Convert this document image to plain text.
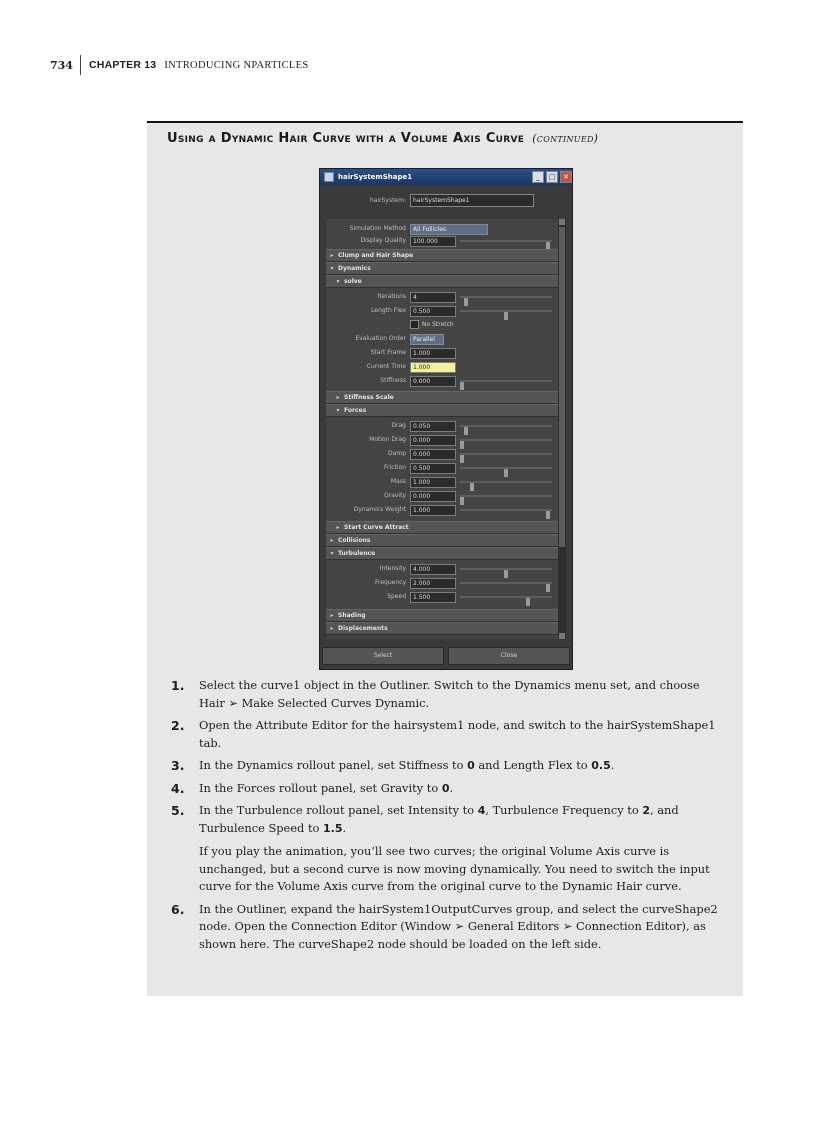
734 CHAPTER 13 INTRODUCING NPARTICLES
Using a Dynamic Hair Curve with a Volume Axis Curve (continued)
hairSystemShape1	_	□	✕
hairSystem:	hairSystemShape1
Simulation Method	All Follicles
Display Quality	100.000
▸ Clump and Hair Shape
▾ Dynamics
▾ solve
Iterations	4
Length Flex	0.500
No Stretch
Evaluation Order	Parallel
Start Frame	1.000
Current Time	1.000
Stiffness	0.000
▸ Stiffness Scale
▾ Forces
Drag	0.050
Motion Drag	0.000
Damp	0.000
Friction	0.500
Mass	1.000
Gravity	0.000
Dynamics Weight	1.000
▸ Start Curve Attract
▸ Collisions
▾ Turbulence
Intensity	4.000
Frequency	2.000
Speed	1.500
▸ Shading
▸ Displacements
Select	Close
1. Select the curve1 object in the Outliner. Switch to the Dynamics menu set, and choose Hair ➢ Make Selected Curves Dynamic.
2. Open the Attribute Editor for the hairsystem1 node, and switch to the hairSystemShape1 tab.
3. In the Dynamics rollout panel, set Stiffness to 0 and Length Flex to 0.5.
4. In the Forces rollout panel, set Gravity to 0.
5. In the Turbulence rollout panel, set Intensity to 4, Turbulence Frequency to 2, and Turbulence Speed to 1.5.
If you play the animation, you’ll see two curves; the original Volume Axis curve is unchanged, but a second curve is now moving dynamically. You need to switch the input curve for the Volume Axis curve from the original curve to the Dynamic Hair curve.
6. In the Outliner, expand the hairSystem1OutputCurves group, and select the curveShape2 node. Open the Connection Editor (Window ➢ General Editors ➢ Connection Editor), as shown here. The curveShape2 node should be loaded on the left side.
